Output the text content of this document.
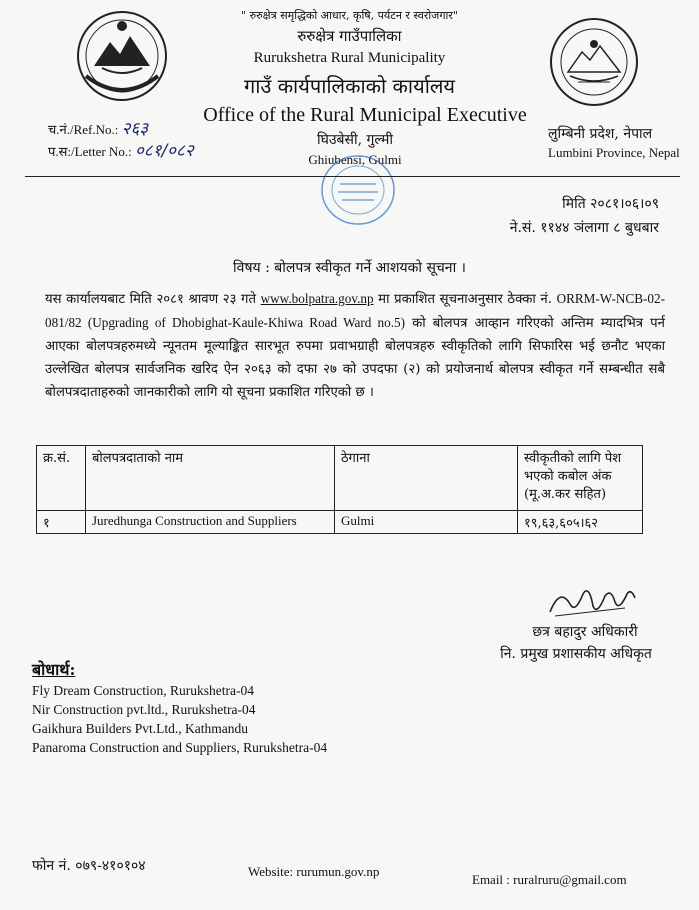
" रुरुक्षेत्र समृद्धिको आधार, कृषि, पर्यटन र स्वरोजगार"
रुरुक्षेत्र गाउँपालिका
Rurukshetra Rural Municipality
गाउँ कार्यपालिकाको कार्यालय
Office of the Rural Municipal Executive
घिउबेसी, गुल्मी
Ghiubensi, Gulmi
लुम्बिनी प्रदेश, नेपाल
Lumbini Province, Nepal
च.नं./Ref.No.: २६३
प.स:/Letter No.: ०८१/०८२
मिति २०८१।०६।०९
ने.सं. ११४४ ञंलागा ८ बुधबार
विषय : बोलपत्र स्वीकृत गर्ने आशयको सूचना ।
यस कार्यालयबाट मिति २०८१ श्रावण २३ गते www.bolpatra.gov.np मा प्रकाशित सूचनाअनुसार ठेक्का नं. ORRM-W-NCB-02-081/82 (Upgrading of Dhobighat-Kaule-Khiwa Road Ward no.5) को बोलपत्र आव्हान गरिएको अन्तिम म्यादभित्र पर्न आएका बोलपत्रहरुमध्ये न्यूनतम मूल्याङ्कित सारभूत रुपमा प्रवाभग्राही बोलपत्रहरु स्वीकृतिको लागि सिफारिस भई छनौट भएका उल्लेखित बोलपत्र सार्वजनिक खरिद ऐन २०६३ को दफा २७ को उपदफा (२) को प्रयोजनार्थ बोलपत्र स्वीकृत गर्ने सम्बन्धीत सबै बोलपत्रदाताहरुको जानकारीको लागि यो सूचना प्रकाशित गरिएको छ ।
क्र.सं.	बोलपत्रदाताको नाम	ठेगाना	स्वीकृतीको लागि पेश भएको कबोल अंक (मू.अ.कर सहित)
१	Juredhunga Construction and Suppliers	Gulmi	१९,६३,६०५।६२
छत्र बहादुर अधिकारी
नि. प्रमुख प्रशासकीय अधिकृत
बोधार्थ:
Fly Dream Construction, Rurukshetra-04
Nir Construction pvt.ltd., Rurukshetra-04
Gaikhura Builders Pvt.Ltd., Kathmandu
Panaroma Construction and Suppliers, Rurukshetra-04
फोन नं. ०७९-४१०१०४	Website: rurumun.gov.np
Email : ruralruru@gmail.com
